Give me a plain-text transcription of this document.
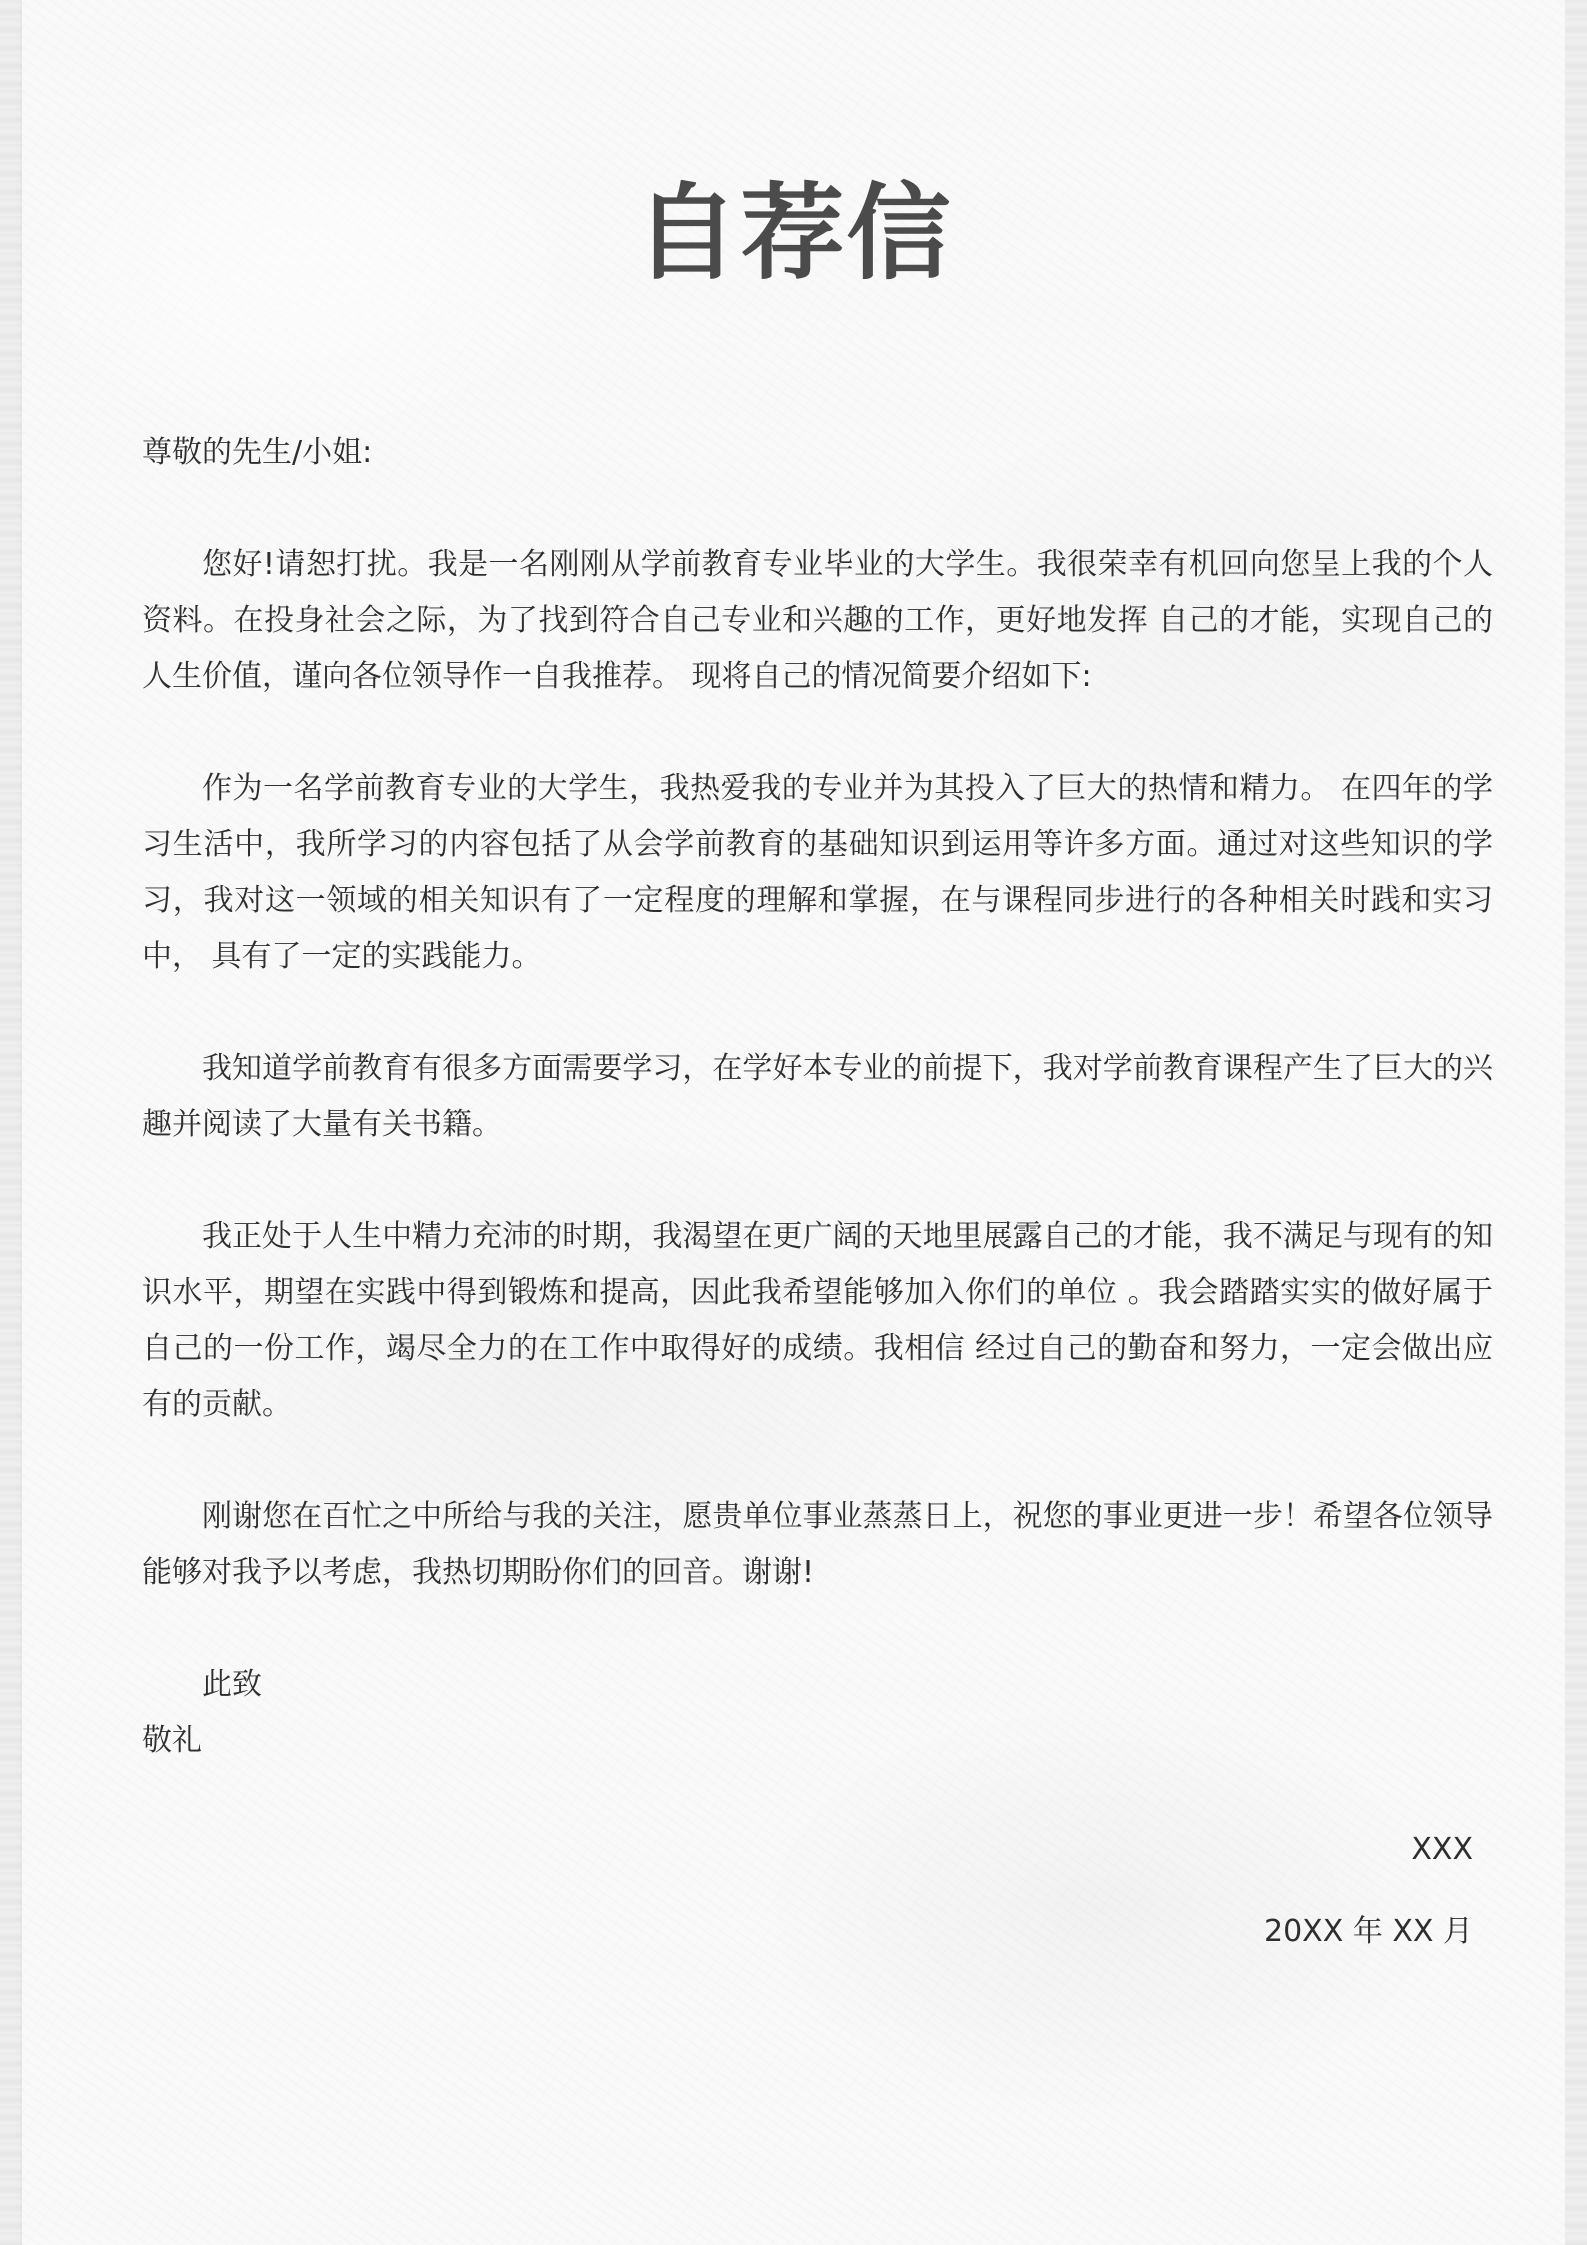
自荐信

尊敬的先生/小姐:

您好!请恕打扰。我是一名刚刚从学前教育专业毕业的大学生。我很荣幸有机回向您呈上我的个人资料。在投身社会之际，为了找到符合自己专业和兴趣的工作，更好地发挥 自己的才能，实现自己的人生价值，谨向各位领导作一自我推荐。 现将自己的情况简要介绍如下:

作为一名学前教育专业的大学生，我热爱我的专业并为其投入了巨大的热情和精力。 在四年的学习生活中，我所学习的内容包括了从会学前教育的基础知识到运用等许多方面。通过对这些知识的学习，我对这一领域的相关知识有了一定程度的理解和掌握，在与课程同步进行的各种相关时践和实习中， 具有了一定的实践能力。

我知道学前教育有很多方面需要学习，在学好本专业的前提下，我对学前教育课程产生了巨大的兴趣并阅读了大量有关书籍。

我正处于人生中精力充沛的时期，我渴望在更广阔的天地里展露自己的才能，我不满足与现有的知识水平，期望在实践中得到锻炼和提高，因此我希望能够加入你们的单位 。我会踏踏实实的做好属于自己的一份工作，竭尽全力的在工作中取得好的成绩。我相信 经过自己的勤奋和努力，一定会做出应有的贡献。

刚谢您在百忙之中所给与我的关注，愿贵单位事业蒸蒸日上，祝您的事业更进一步！希望各位领导能够对我予以考虑，我热切期盼你们的回音。谢谢!

此致

敬礼

XXX

20XX 年 XX 月
